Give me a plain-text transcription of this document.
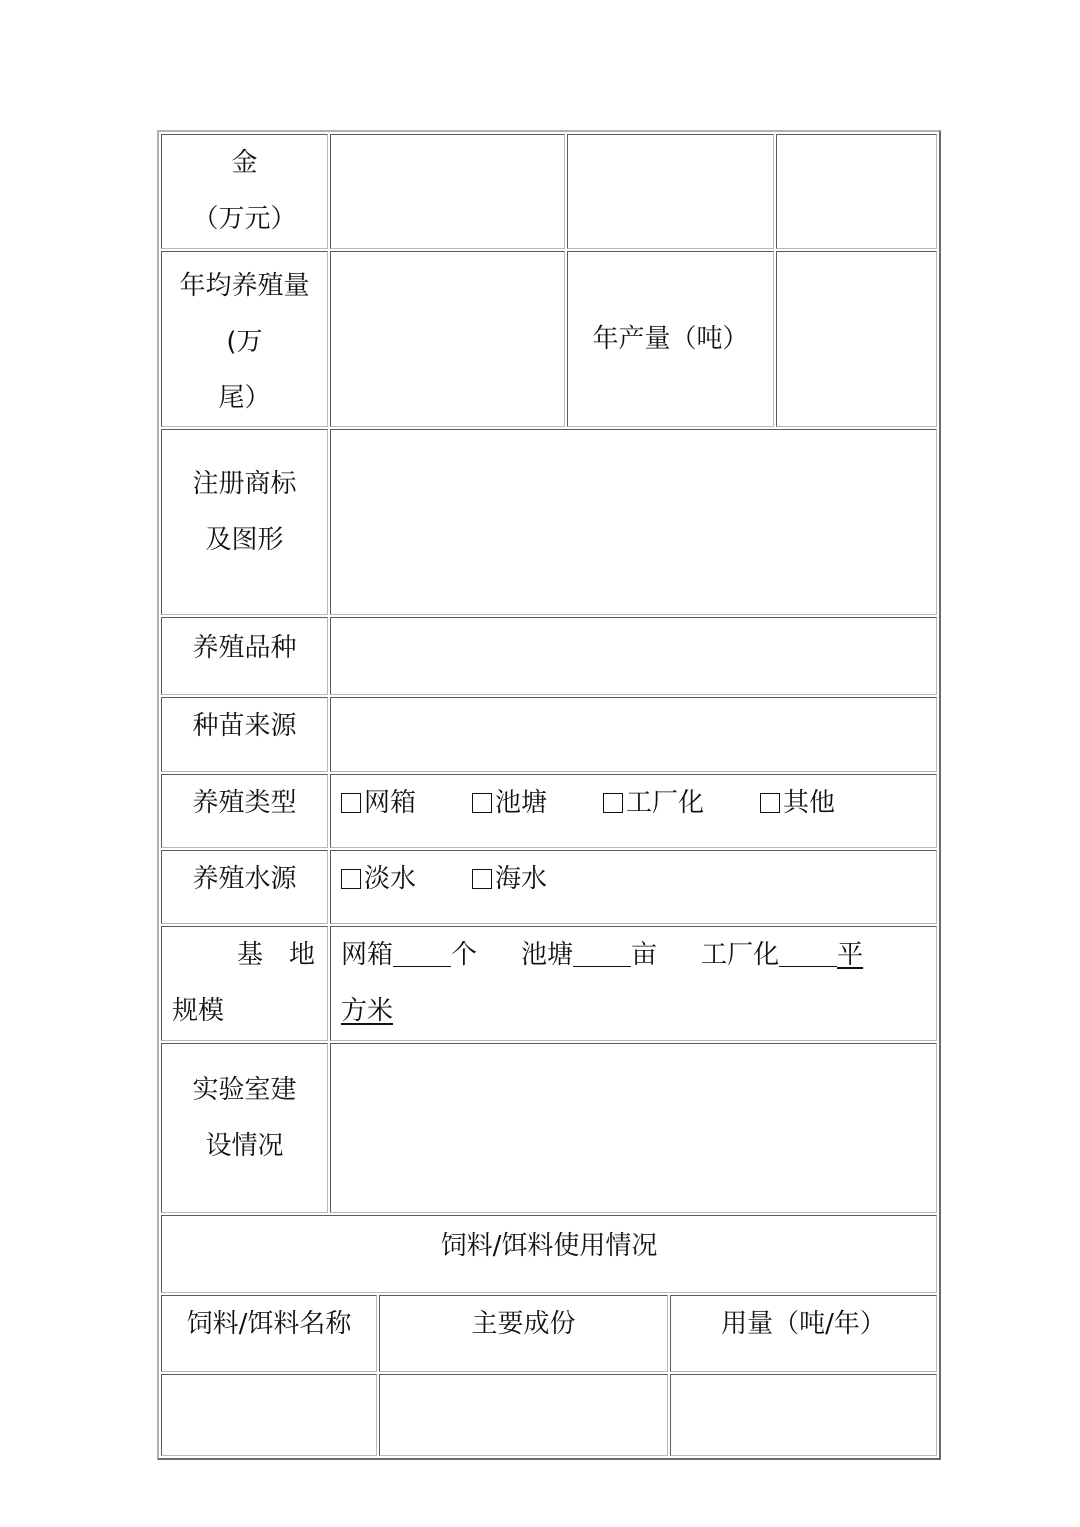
金
（万元）					

年均养殖量(万
尾）			年产量（吨）		

注册商标
及图形					

养殖品种					
种苗来源					
养殖类型	网箱 池塘 工厂化 其他				
养殖水源	淡水 海水				

基 地
规模	网箱 个 池塘 亩 工厂化 平
方米				

实验室建
设情况					

饲料/饵料使用情况					
饲料/饵料名称		主要成份		用量（吨/年）	
